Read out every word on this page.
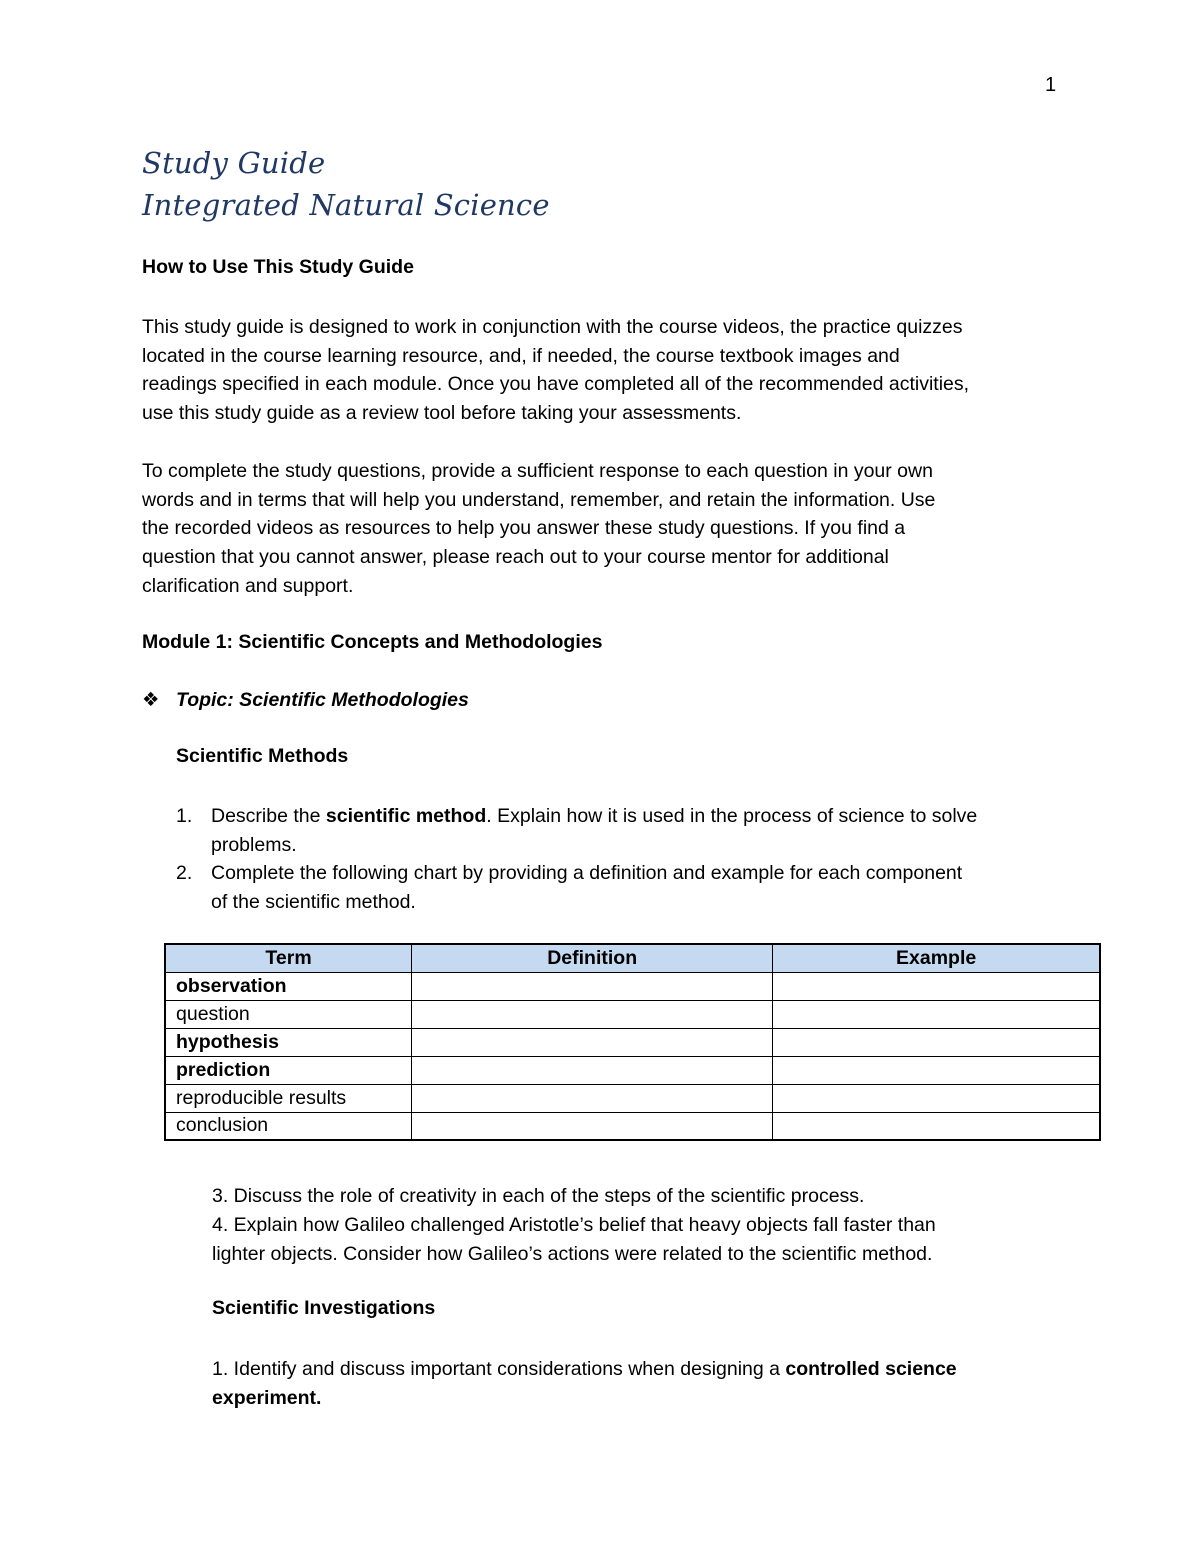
1
Study Guide
Integrated Natural Science
How to Use This Study Guide
This study guide is designed to work in conjunction with the course videos, the practice quizzes
located in the course learning resource, and, if needed, the course textbook images and
readings specified in each module. Once you have completed all of the recommended activities,
use this study guide as a review tool before taking your assessments.
To complete the study questions, provide a sufficient response to each question in your own
words and in terms that will help you understand, remember, and retain the information. Use
the recorded videos as resources to help you answer these study questions. If you find a
question that you cannot answer, please reach out to your course mentor for additional
clarification and support.
Module 1: Scientific Concepts and Methodologies
❖ Topic: Scientific Methodologies
Scientific Methods
1. Describe the scientific method. Explain how it is used in the process of science to solve
problems.
2. Complete the following chart by providing a definition and example for each component
of the scientific method.
Term	Definition	Example
observation		
question		
hypothesis		
prediction		
reproducible results		
conclusion		
3. Discuss the role of creativity in each of the steps of the scientific process.
4. Explain how Galileo challenged Aristotle’s belief that heavy objects fall faster than
lighter objects. Consider how Galileo’s actions were related to the scientific method.
Scientific Investigations
1. Identify and discuss important considerations when designing a controlled science
experiment.
